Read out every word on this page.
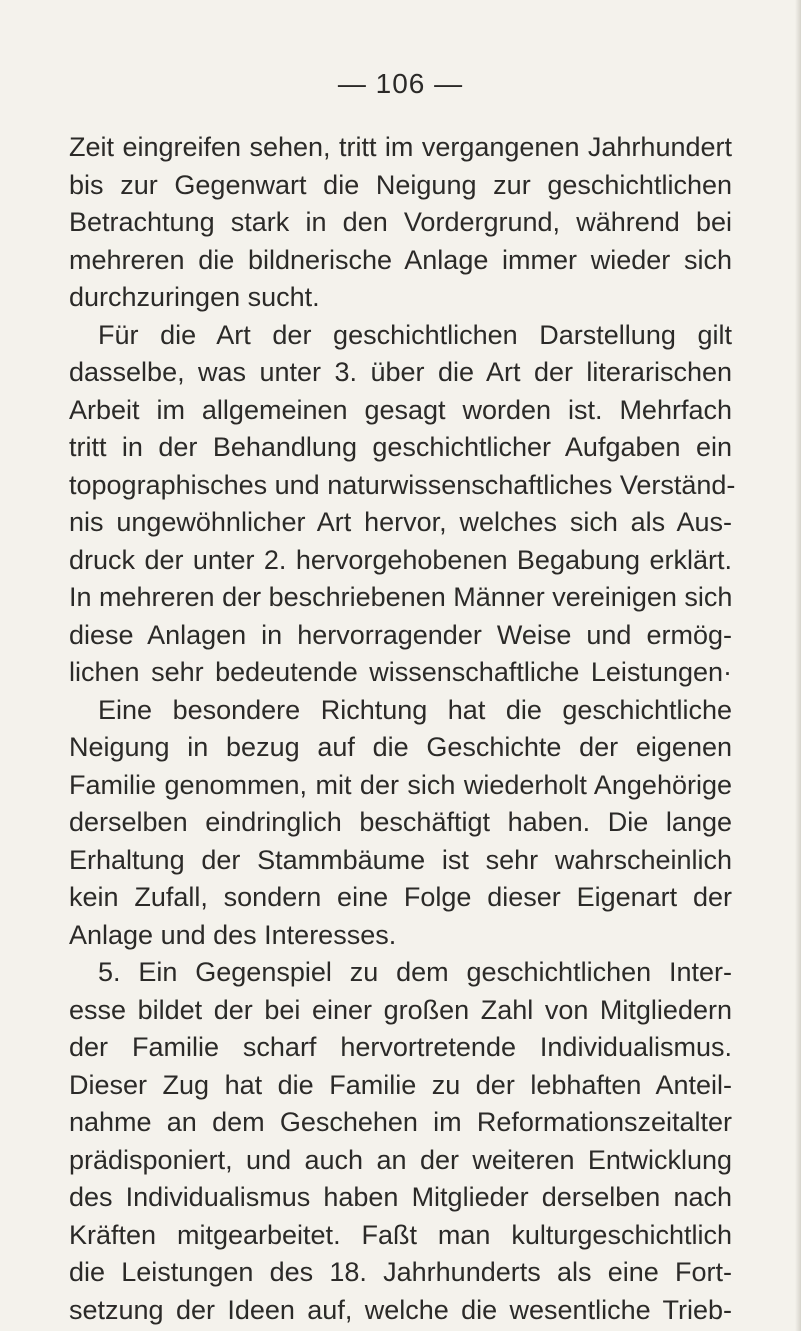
— 106 —
Zeit eingreifen sehen, tritt im vergangenen Jahrhundert
bis zur Gegenwart die Neigung zur geschichtlichen
Betrachtung stark in den Vordergrund, während bei
mehreren die bildnerische Anlage immer wieder sich
durchzuringen sucht.
Für die Art der geschichtlichen Darstellung gilt
dasselbe, was unter 3. über die Art der literarischen
Arbeit im allgemeinen gesagt worden ist. Mehrfach
tritt in der Behandlung geschichtlicher Aufgaben ein
topographisches und naturwissenschaftliches Verständ-
nis ungewöhnlicher Art hervor, welches sich als Aus-
druck der unter 2. hervorgehobenen Begabung erklärt.
In mehreren der beschriebenen Männer vereinigen sich
diese Anlagen in hervorragender Weise und ermög-
lichen sehr bedeutende wissenschaftliche Leistungen·
Eine besondere Richtung hat die geschichtliche
Neigung in bezug auf die Geschichte der eigenen
Familie genommen, mit der sich wiederholt Angehörige
derselben eindringlich beschäftigt haben. Die lange
Erhaltung der Stammbäume ist sehr wahrscheinlich
kein Zufall, sondern eine Folge dieser Eigenart der
Anlage und des Interesses.
5. Ein Gegenspiel zu dem geschichtlichen Inter-
esse bildet der bei einer großen Zahl von Mitgliedern
der Familie scharf hervortretende Individualismus.
Dieser Zug hat die Familie zu der lebhaften Anteil-
nahme an dem Geschehen im Reformationszeitalter
prädisponiert, und auch an der weiteren Entwicklung
des Individualismus haben Mitglieder derselben nach
Kräften mitgearbeitet. Faßt man kulturgeschichtlich
die Leistungen des 18. Jahrhunderts als eine Fort-
setzung der Ideen auf, welche die wesentliche Trieb-
